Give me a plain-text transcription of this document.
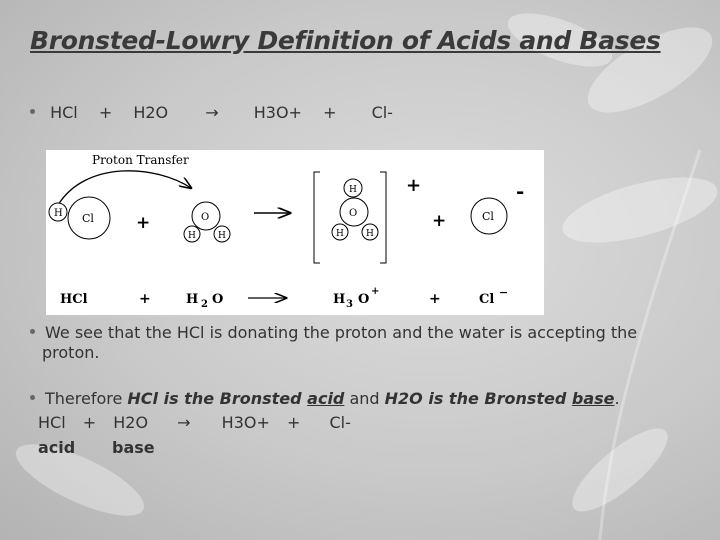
Bronsted-Lowry Definition of Acids and Bases
HCl + H2O → H3O+ + Cl-
Proton Transfer
H Cl +	O
H H
H
O
H H
+
+	Cl
-
HCl	+	H 2 O	H 3 O
+	+	Cl −
We see that the HCl is donating the proton and the water is accepting the
proton.
Therefore HCl is the Bronsted acid and H2O is the Bronsted base.
HCl + H2O → H3O+ + Cl-
acid base
